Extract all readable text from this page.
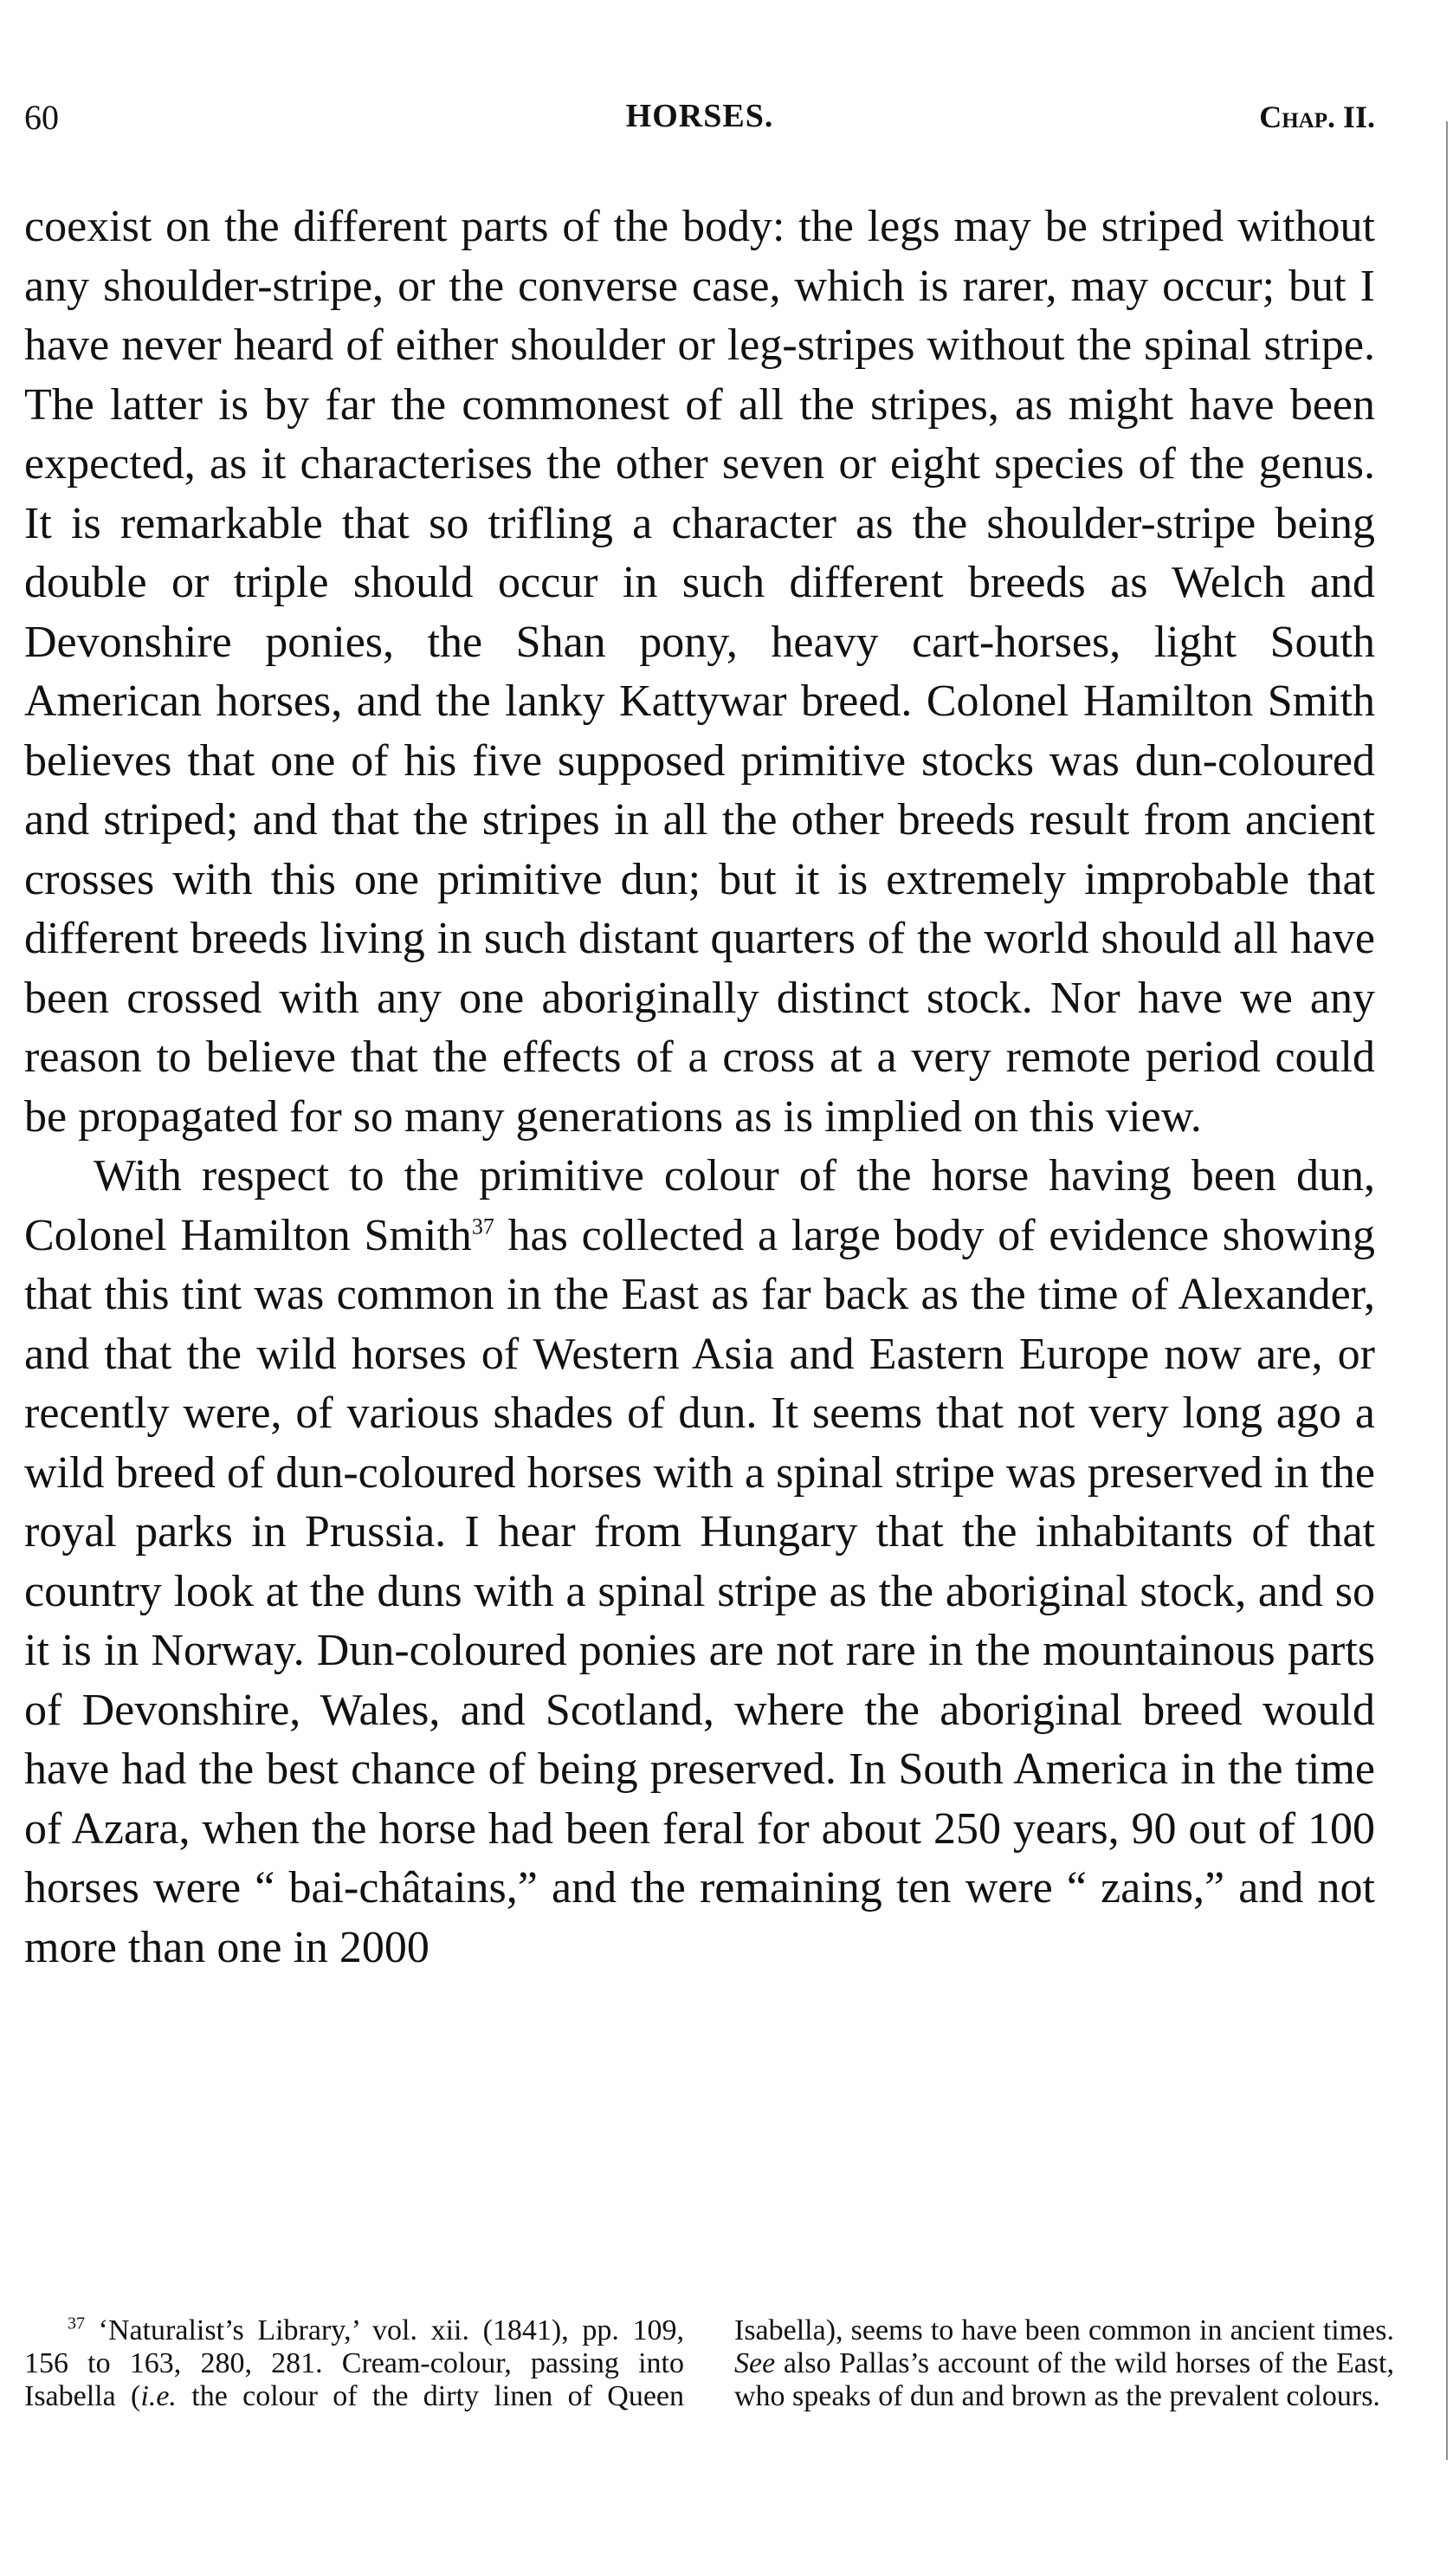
60	HORSES.	Chap. II.

coexist on the different parts of the body: the legs may be striped without any shoulder-stripe, or the converse case, which is rarer, may occur; but I have never heard of either shoulder or leg-stripes without the spinal stripe. The latter is by far the commonest of all the stripes, as might have been expected, as it characterises the other seven or eight species of the genus. It is remarkable that so trifling a character as the shoulder-stripe being double or triple should occur in such different breeds as Welch and Devonshire ponies, the Shan pony, heavy cart-horses, light South American horses, and the lanky Kattywar breed. Colonel Hamilton Smith believes that one of his five supposed primitive stocks was dun-coloured and striped; and that the stripes in all the other breeds result from ancient crosses with this one primitive dun; but it is extremely improbable that different breeds living in such distant quarters of the world should all have been crossed with any one aboriginally distinct stock. Nor have we any reason to believe that the effects of a cross at a very remote period could be propagated for so many generations as is implied on this view.

With respect to the primitive colour of the horse having been dun, Colonel Hamilton Smith$^{37}$ has collected a large body of evidence showing that this tint was common in the East as far back as the time of Alexander, and that the wild horses of Western Asia and Eastern Europe now are, or recently were, of various shades of dun. It seems that not very long ago a wild breed of dun-coloured horses with a spinal stripe was preserved in the royal parks in Prussia. I hear from Hungary that the inhabitants of that country look at the duns with a spinal stripe as the aboriginal stock, and so it is in Norway. Dun-coloured ponies are not rare in the mountainous parts of Devonshire, Wales, and Scotland, where the aboriginal breed would have had the best chance of being preserved. In South America in the time of Azara, when the horse had been feral for about 250 years, 90 out of 100 horses were “ bai-châtains,” and the remaining ten were “ zains,” and not more than one in 2000

$^{37}$ ‘Naturalist’s Library,’ vol. xii. (1841), pp. 109, 156 to 163, 280, 281. Cream-colour, passing into Isabella (i.e. the colour of the dirty linen of Queen Isabella), seems to have been common in ancient times. See also Pallas’s account of the wild horses of the East, who speaks of dun and brown as the prevalent colours.
